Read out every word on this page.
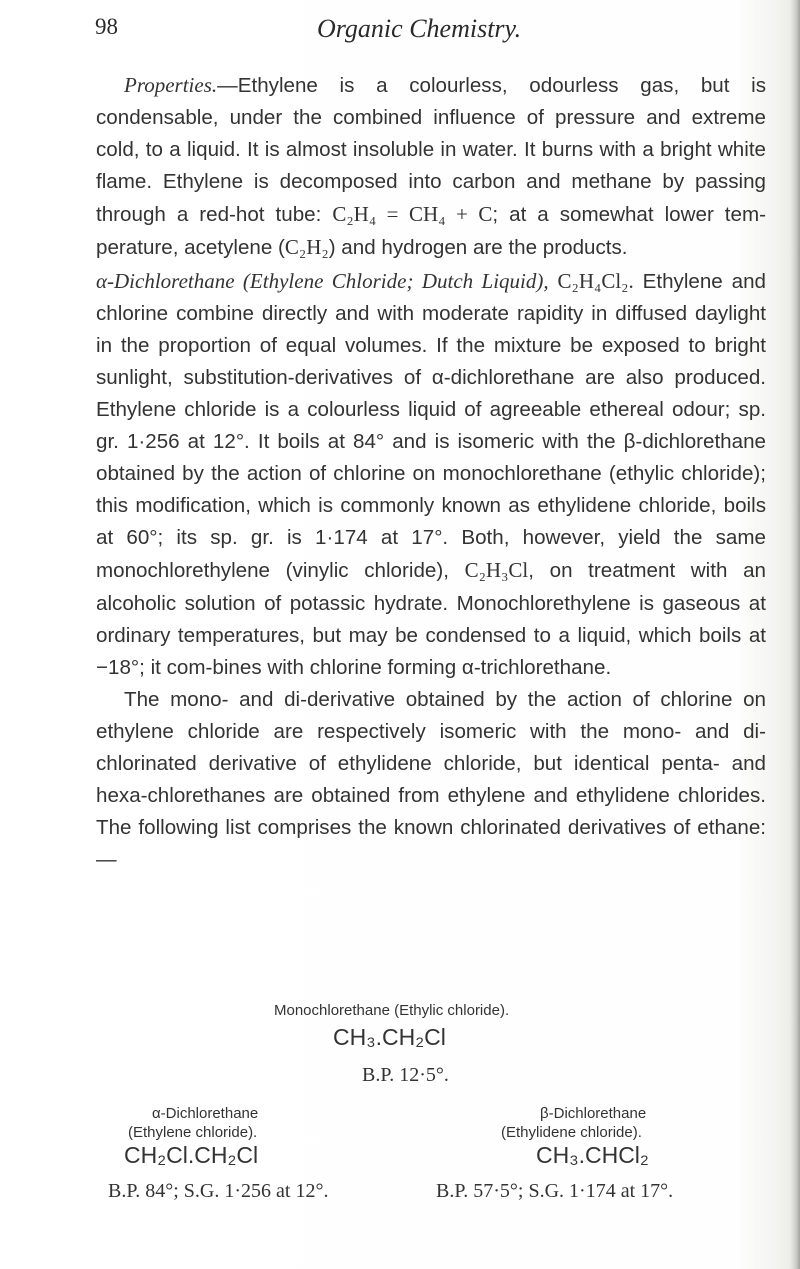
98	Organic Chemistry.

Properties.—Ethylene is a colourless, odourless gas, but is condensable, under the combined influence of pressure and extreme cold, to a liquid. It is almost insoluble in water. It burns with a bright white flame. Ethylene is decomposed into carbon and methane by passing through a red-hot tube: C₂H₄ = CH₄ + C; at a somewhat lower tem-perature, acetylene (C₂H₂) and hydrogen are the products.

α-Dichlorethane (Ethylene Chloride; Dutch Liquid), C₂H₄Cl₂. Ethylene and chlorine combine directly and with moderate rapidity in diffused daylight in the proportion of equal volumes. If the mixture be exposed to bright sunlight, substitution-derivatives of α-dichlorethane are also produced. Ethylene chloride is a colourless liquid of agreeable ethereal odour; sp. gr. 1·256 at 12°. It boils at 84° and is isomeric with the β-dichlorethane obtained by the action of chlorine on monochlorethane (ethylic chloride); this modification, which is commonly known as ethylidene chloride, boils at 60°; its sp. gr. is 1·174 at 17°. Both, however, yield the same monochlorethylene (vinylic chloride), C₂H₃Cl, on treatment with an alcoholic solution of potassic hydrate. Monochlorethylene is gaseous at ordinary temperatures, but may be condensed to a liquid, which boils at −18°; it com-bines with chlorine forming α-trichlorethane.

The mono- and di-derivative obtained by the action of chlorine on ethylene chloride are respectively isomeric with the mono- and di-chlorinated derivative of ethylidene chloride, but identical penta- and hexa-chlorethanes are obtained from ethylene and ethylidene chlorides. The following list comprises the known chlorinated derivatives of ethane:—

Monochlorethane (Ethylic chloride).
CH₃.CH₂Cl
B.P. 12·5°.
α-Dichlorethane
(Ethylene chloride).
CH₂Cl.CH₂Cl
B.P. 84°; S.G. 1·256 at 12°.
β-Dichlorethane
(Ethylidene chloride).
CH₃.CHCl₂
B.P. 57·5°; S.G. 1·174 at 17°.
